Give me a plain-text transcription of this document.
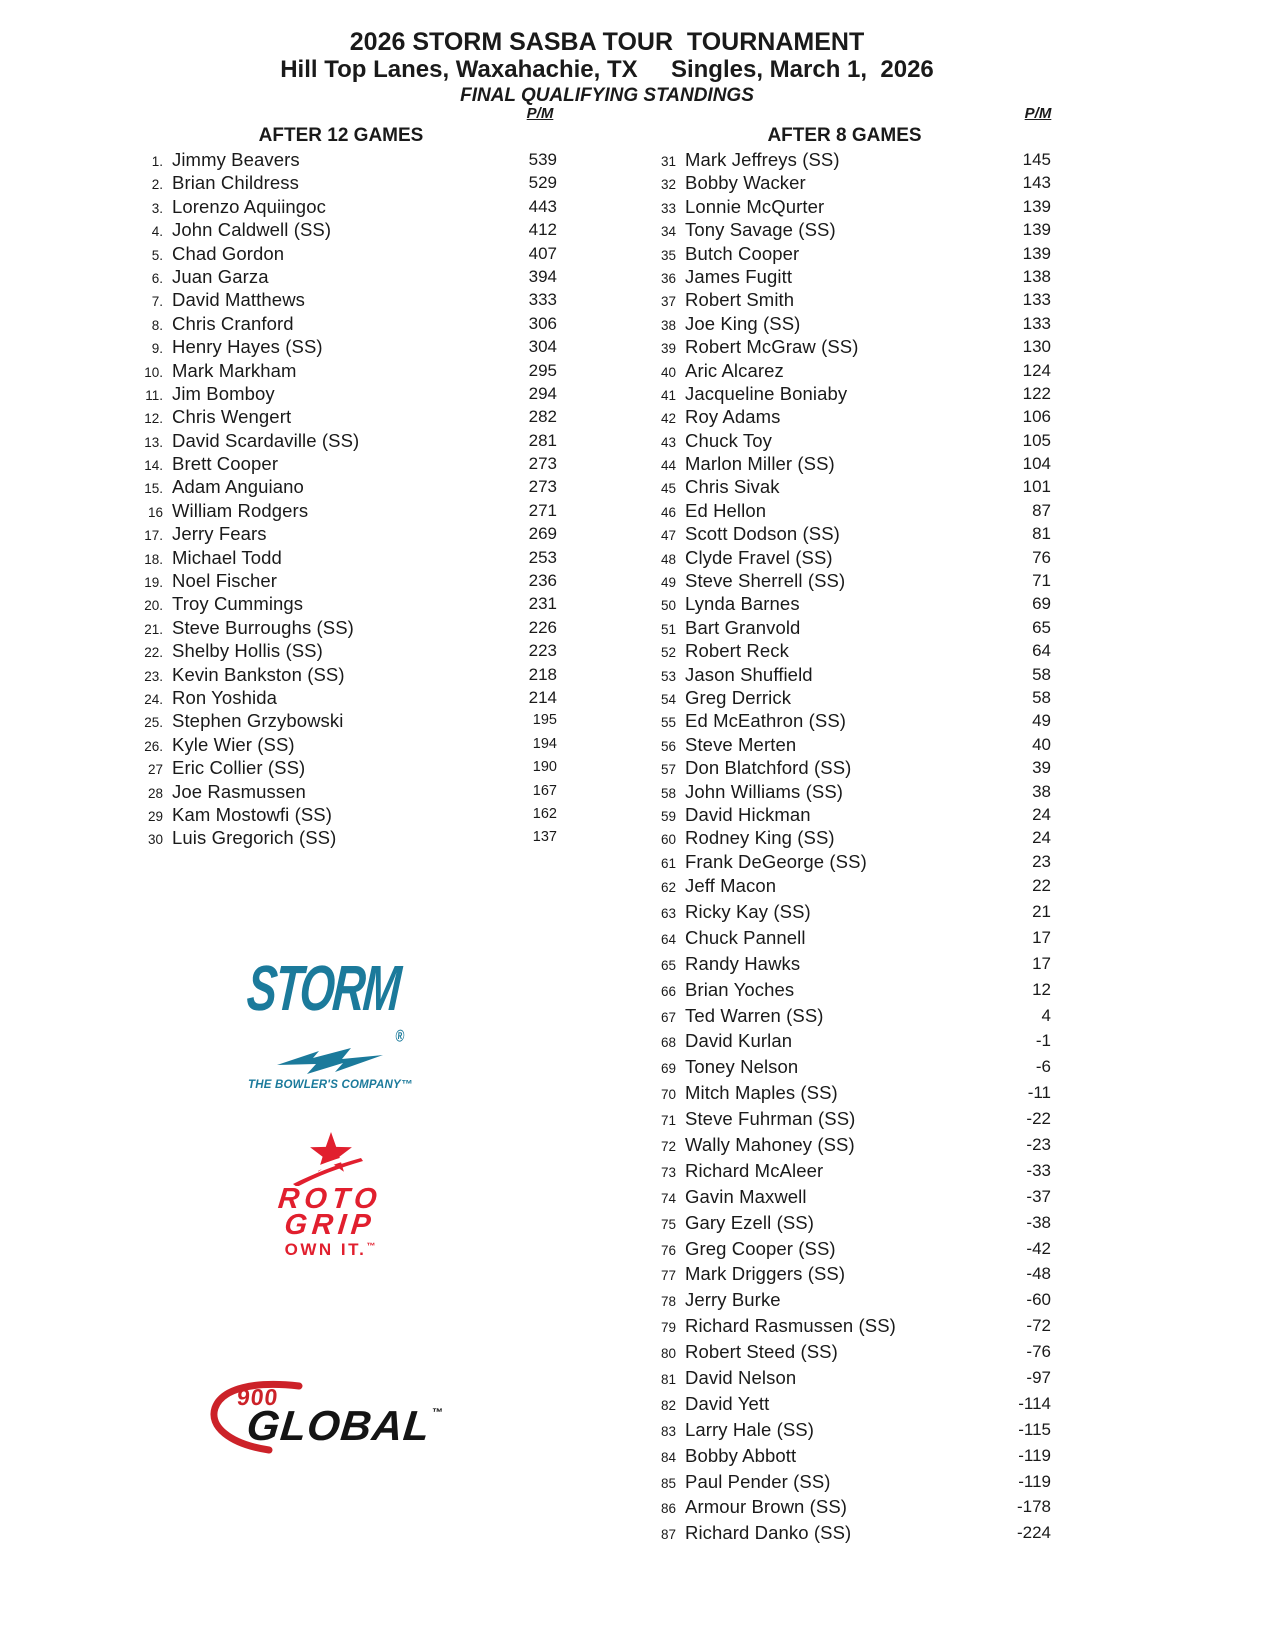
2026 STORM SASBA TOUR  TOURNAMENT
Hill Top Lanes, Waxahachie, TX     Singles, March 1,  2026
FINAL QUALIFYING STANDINGS
P/M	P/M
AFTER 12 GAMES	AFTER 8 GAMES
1. Jimmy Beavers	539
2. Brian Childress	529
3. Lorenzo Aquiingoc	443
4. John Caldwell (SS)	412
5. Chad Gordon	407
6. Juan Garza	394
7. David Matthews	333
8. Chris Cranford	306
9. Henry Hayes (SS)	304
10. Mark Markham	295
11. Jim Bomboy	294
12. Chris Wengert	282
13. David Scardaville (SS)	281
14. Brett Cooper	273
15. Adam Anguiano	273
16 William Rodgers	271
17. Jerry Fears	269
18. Michael Todd	253
19. Noel Fischer	236
20. Troy Cummings	231
21. Steve Burroughs (SS)	226
22. Shelby Hollis (SS)	223
23. Kevin Bankston (SS)	218
24. Ron Yoshida	214
25. Stephen Grzybowski	195
26. Kyle Wier (SS)	194
27 Eric Collier (SS)	190
28 Joe Rasmussen	167
29 Kam Mostowfi (SS)	162
30 Luis Gregorich (SS)	137
31 Mark Jeffreys (SS)	145
32 Bobby Wacker	143
33 Lonnie McQurter	139
34 Tony Savage (SS)	139
35 Butch Cooper	139
36 James Fugitt	138
37 Robert Smith	133
38 Joe King (SS)	133
39 Robert McGraw (SS)	130
40 Aric Alcarez	124
41 Jacqueline Boniaby	122
42 Roy Adams	106
43 Chuck Toy	105
44 Marlon Miller (SS)	104
45 Chris Sivak	101
46 Ed Hellon	87
47 Scott Dodson (SS)	81
48 Clyde Fravel (SS)	76
49 Steve Sherrell (SS)	71
50 Lynda Barnes	69
51 Bart Granvold	65
52 Robert Reck	64
53 Jason Shuffield	58
54 Greg Derrick	58
55 Ed McEathron (SS)	49
56 Steve Merten	40
57 Don Blatchford (SS)	39
58 John Williams (SS)	38
59 David Hickman	24
60 Rodney King (SS)	24
61 Frank DeGeorge (SS)	23
62 Jeff Macon	22
63 Ricky Kay (SS)	21
64 Chuck Pannell	17
65 Randy Hawks	17
66 Brian Yoches	12
67 Ted Warren (SS)	4
68 David Kurlan	-1
69 Toney Nelson	-6
70 Mitch Maples (SS)	-11
71 Steve Fuhrman (SS)	-22
72 Wally Mahoney (SS)	-23
73 Richard McAleer	-33
74 Gavin Maxwell	-37
75 Gary Ezell (SS)	-38
76 Greg Cooper (SS)	-42
77 Mark Driggers (SS)	-48
78 Jerry Burke	-60
79 Richard Rasmussen (SS)	-72
80 Robert Steed (SS)	-76
81 David Nelson	-97
82 David Yett	-114
83 Larry Hale (SS)	-115
84 Bobby Abbott	-119
85 Paul Pender (SS)	-119
86 Armour Brown (SS)	-178
87 Richard Danko (SS)	-224
$STORM_®$
THE BOWLER'S COMPANY™
ROTO
GRIP
OWN IT.™
900
GLOBAL™
